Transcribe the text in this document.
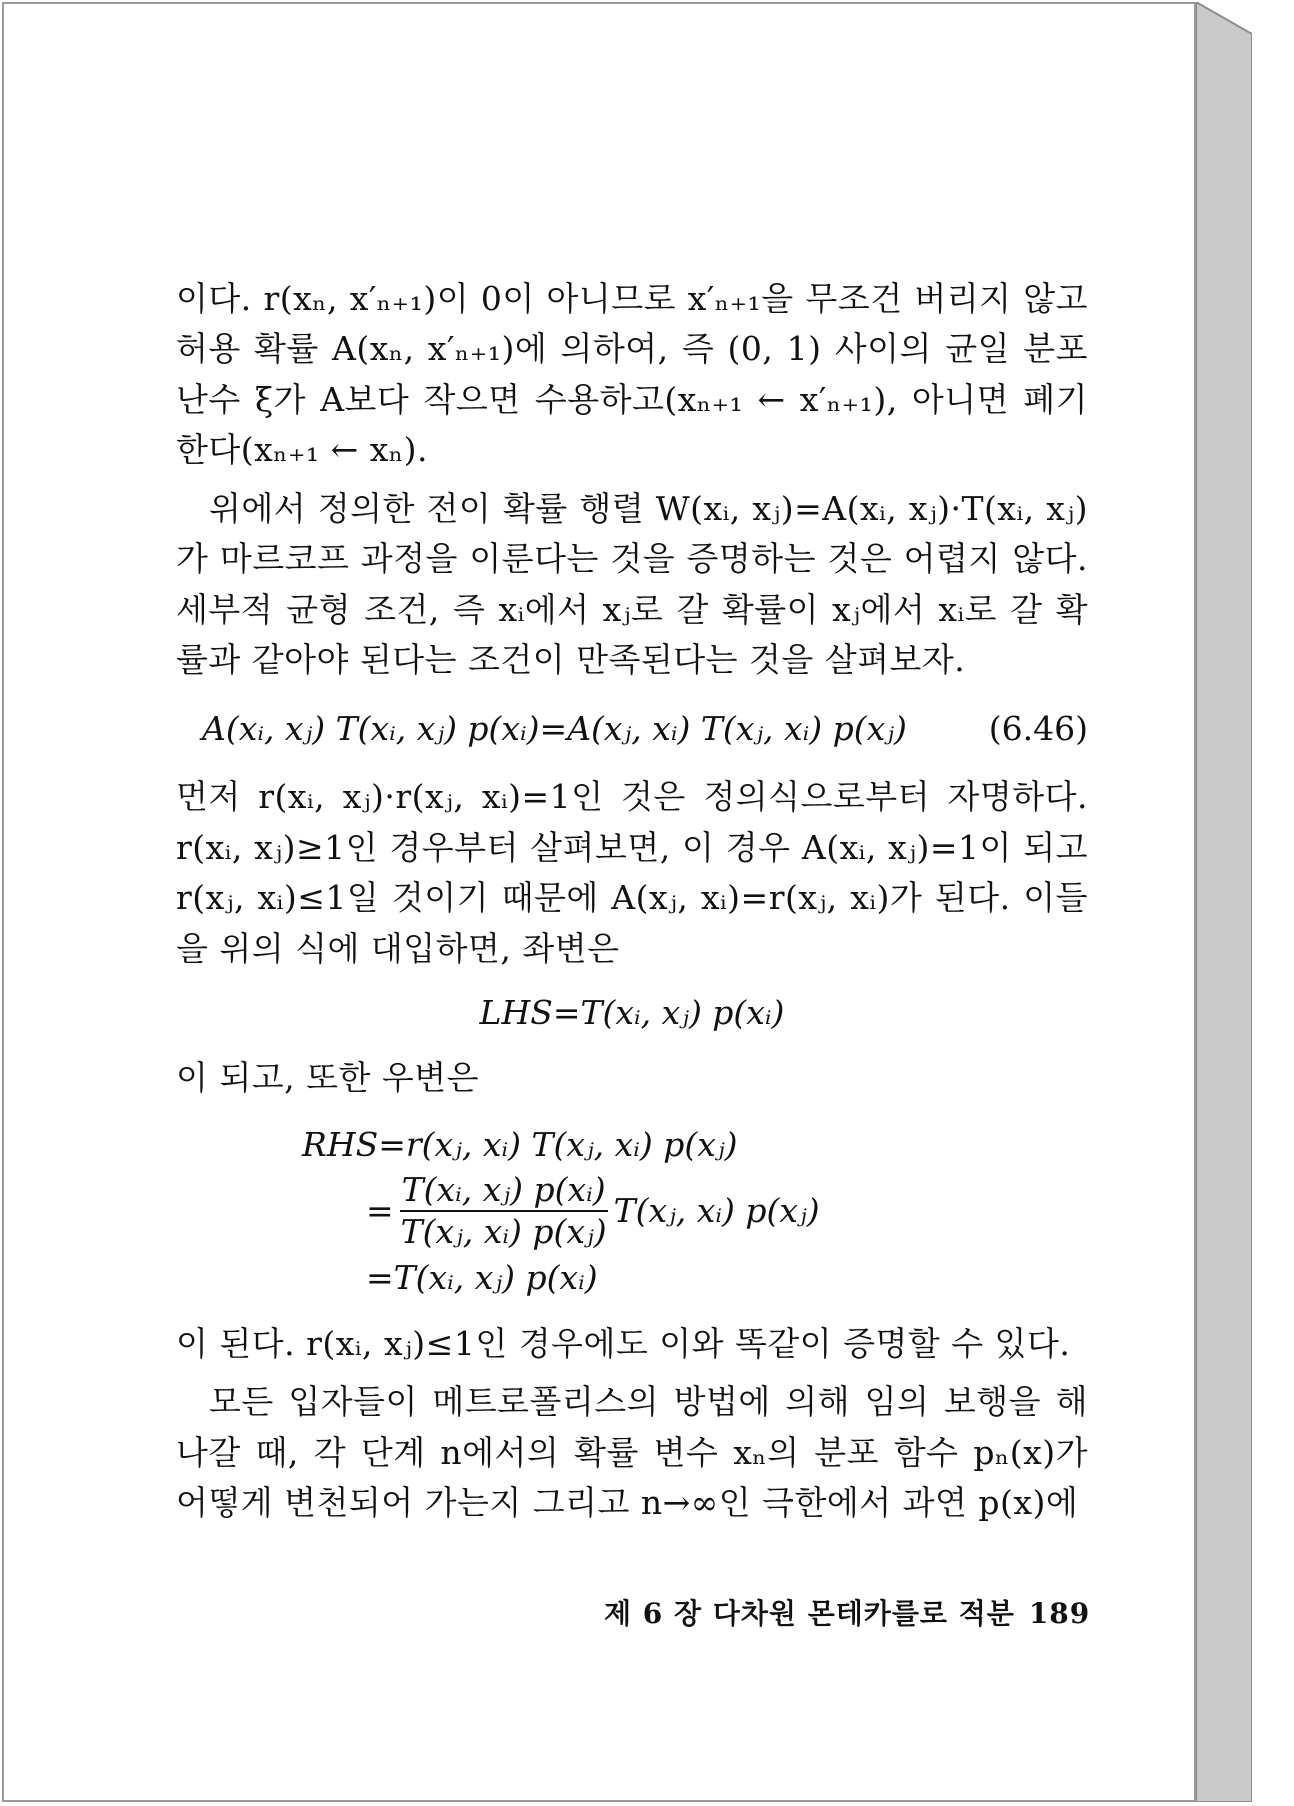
이다. r(xₙ, x′ₙ₊₁)이 0이 아니므로 x′ₙ₊₁을 무조건 버리지 않고 허용 확률 A(xₙ, x′ₙ₊₁)에 의하여, 즉 (0, 1) 사이의 균일 분포 난수 ξ가 A보다 작으면 수용하고(xₙ₊₁ ← x′ₙ₊₁), 아니면 폐기한다(xₙ₊₁ ← xₙ).

위에서 정의한 전이 확률 행렬 W(xᵢ, xⱼ)=A(xᵢ, xⱼ)·T(xᵢ, xⱼ)가 마르코프 과정을 이룬다는 것을 증명하는 것은 어렵지 않다. 세부적 균형 조건, 즉 xᵢ에서 xⱼ로 갈 확률이 xⱼ에서 xᵢ로 갈 확률과 같아야 된다는 조건이 만족된다는 것을 살펴보자.

A(xᵢ, xⱼ) T(xᵢ, xⱼ) p(xᵢ)=A(xⱼ, xᵢ) T(xⱼ, xᵢ) p(xⱼ) (6.46)

먼저 r(xᵢ, xⱼ)·r(xⱼ, xᵢ)=1인 것은 정의식으로부터 자명하다. r(xᵢ, xⱼ)≥1인 경우부터 살펴보면, 이 경우 A(xᵢ, xⱼ)=1이 되고 r(xⱼ, xᵢ)≤1일 것이기 때문에 A(xⱼ, xᵢ)=r(xⱼ, xᵢ)가 된다. 이들을 위의 식에 대입하면, 좌변은

LHS=T(xᵢ, xⱼ) p(xᵢ)

이 되고, 또한 우변은

RHS=r(xⱼ, xᵢ) T(xⱼ, xᵢ) p(xⱼ)
= $\frac{\text{T(xᵢ, xⱼ) p(xᵢ)}}{\text{T(xⱼ, xᵢ) p(xⱼ)}}$ T(xⱼ, xᵢ) p(xⱼ)
=T(xᵢ, xⱼ) p(xᵢ)

이 된다. r(xᵢ, xⱼ)≤1인 경우에도 이와 똑같이 증명할 수 있다.

모든 입자들이 메트로폴리스의 방법에 의해 임의 보행을 해 나갈 때, 각 단계 n에서의 확률 변수 xₙ의 분포 함수 pₙ(x)가 어떻게 변천되어 가는지 그리고 n→∞인 극한에서 과연 p(x)에

제 6 장 다차원 몬테카를로 적분 189
